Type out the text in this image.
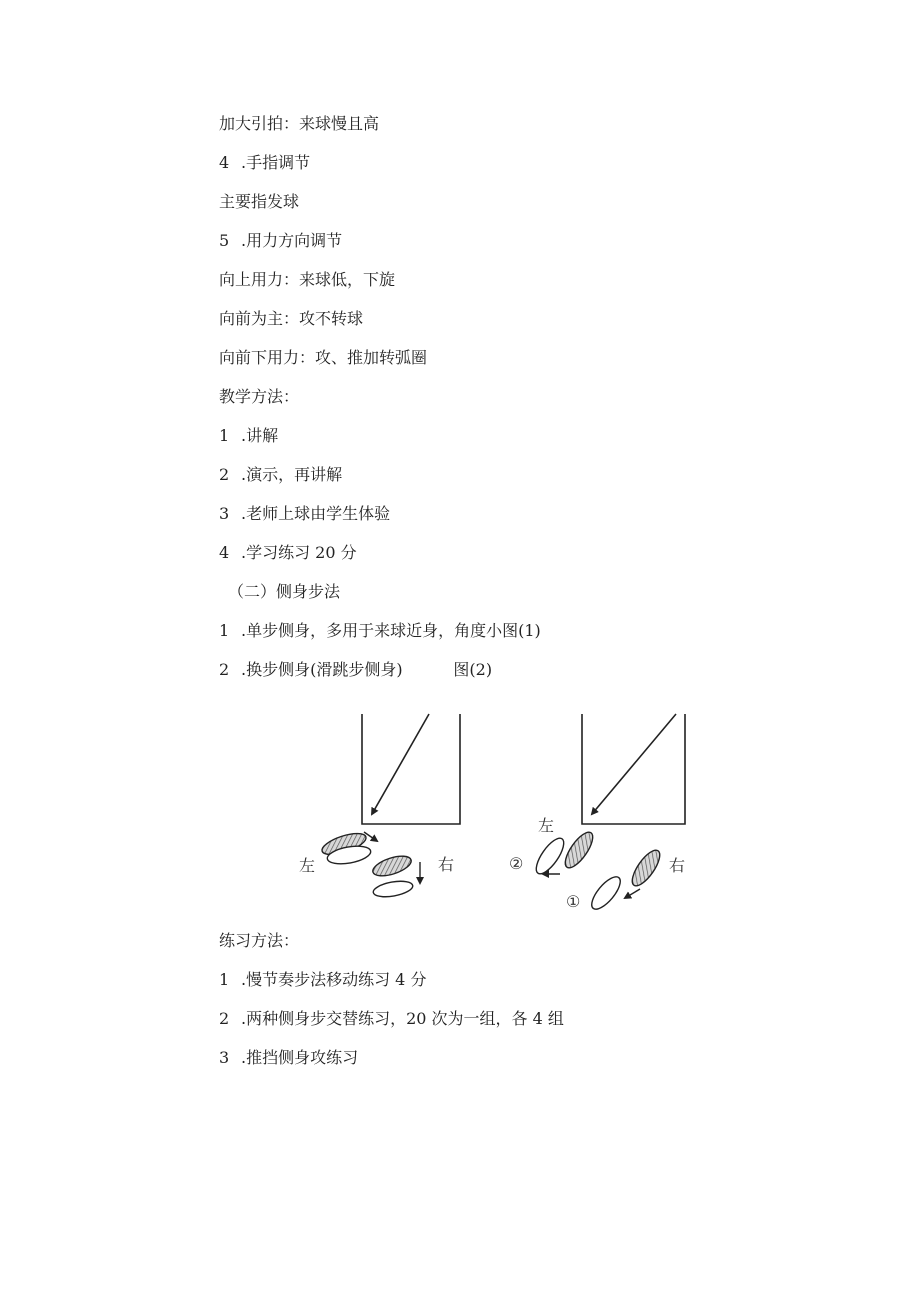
加大引拍：来球慢且高

4 .手指调节

主要指发球

5 .用力方向调节

向上用力：来球低，下旋

向前为主：攻不转球

向前下用力：攻、推加转弧圈

教学方法：

1 .讲解

2 .演示，再讲解

3 .老师上球由学生体验

4 .学习练习 20 分

（二）侧身步法

1 .单步侧身，多用于来球近身，角度小图(1)

2 .换步侧身(滑跳步侧身)          图(2)

左	右
左
②	右
①

练习方法：

1 .慢节奏步法移动练习 4 分

2 .两种侧身步交替练习，20 次为一组，各 4 组

3 .推挡侧身攻练习
